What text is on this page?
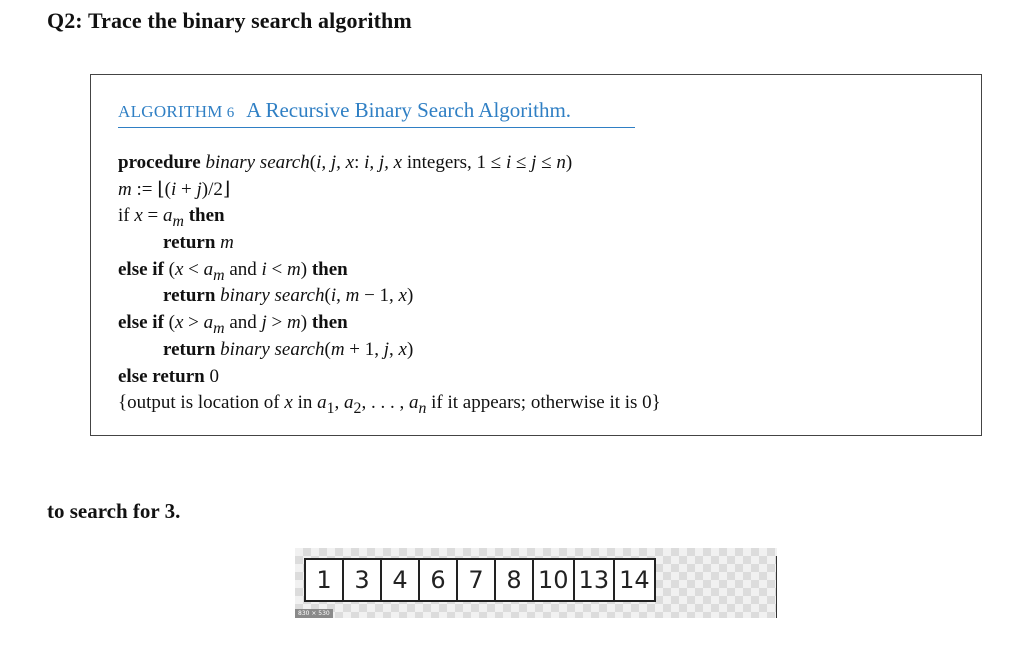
Q2: Trace the binary search algorithm
ALGORITHM 6 A Recursive Binary Search Algorithm.
procedure binary search(i, j, x: i, j, x integers, 1 ≤ i ≤ j ≤ n)
m := ⌊(i + j)/2⌋
if $x = a_m$ then
return m
else if ($x < a_m$ and i < m) then
return binary search(i, m − 1, x)
else if ($x > a_m$ and j > m) then
return binary search(m + 1, j, x)
else return 0
{output is location of x in $a_1$, $a_2$, . . . , $a_n$ if it appears; otherwise it is 0}
to search for 3.
1 3 4 6 7 8 10 13 14
830 × 530
